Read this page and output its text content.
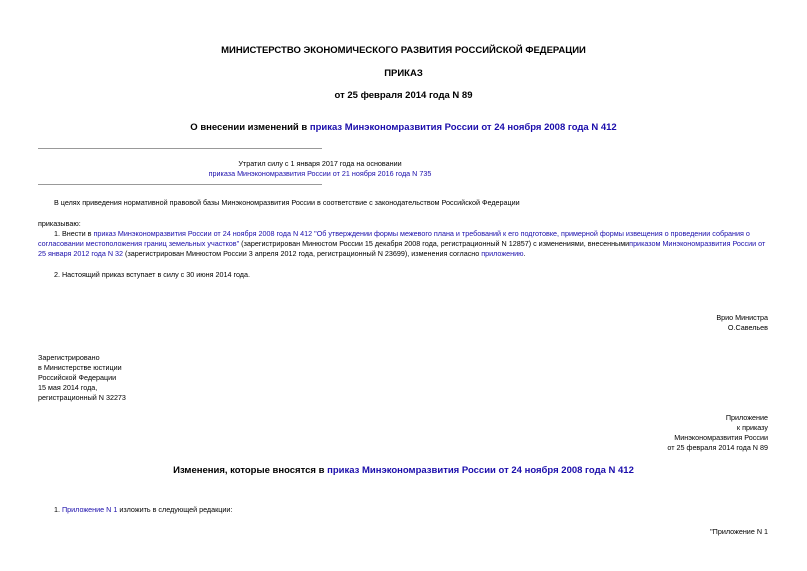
МИНИСТЕРСТВО ЭКОНОМИЧЕСКОГО РАЗВИТИЯ РОССИЙСКОЙ ФЕДЕРАЦИИ
ПРИКАЗ
от 25 февраля 2014 года N 89
О внесении изменений в приказ Минэкономразвития России от 24 ноября 2008 года N 412
Утратил силу с 1 января 2017 года на основании
приказа Минэкономразвития России от 21 ноября 2016 года N 735
В целях приведения нормативной правовой базы Минэкономразвития России в соответствие с законодательством Российской Федерации
приказываю:
1. Внести в приказ Минэкономразвития России от 24 ноября 2008 года N 412 "Об утверждении формы межевого плана и требований к его подготовке, примерной формы извещения о проведении собрания о согласовании местоположения границ земельных участков" (зарегистрирован Минюстом России 15 декабря 2008 года, регистрационный N 12857) с изменениями, внесеннымиприказом Минэкономразвития России от 25 января 2012 года N 32 (зарегистрирован Минюстом России 3 апреля 2012 года, регистрационный N 23699), изменения согласно приложению.
2. Настоящий приказ вступает в силу с 30 июня 2014 года.
Врио Министра
О.Савельев

Зарегистрировано

в Министерстве юстиции

Российской Федерации

15 мая 2014 года,

регистрационный N 32273

Приложение

к приказу

Минэкономразвития России

от 25 февраля 2014 года N 89

Изменения, которые вносятся в приказ Минэкономразвития России от 24 ноября 2008 года N 412
1. Приложение N 1 изложить в следующей редакции:
"Приложение N 1
